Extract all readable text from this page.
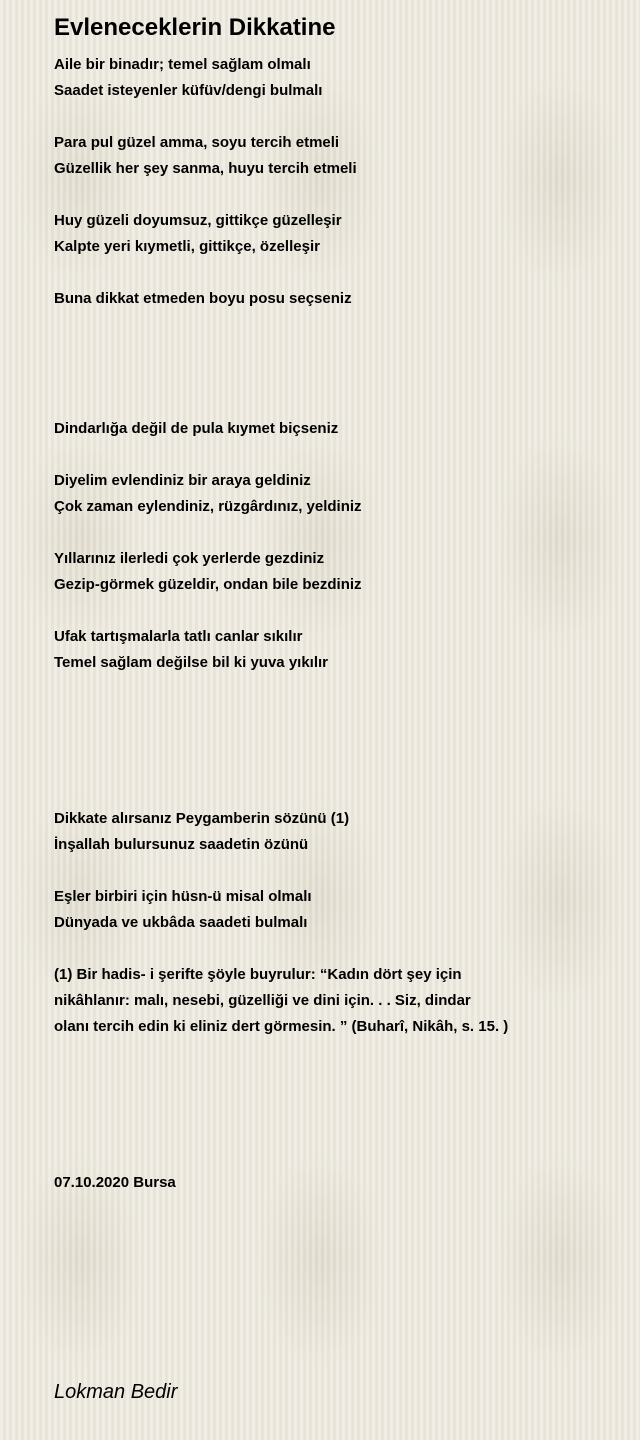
Evleneceklerin Dikkatine
Aile bir binadır; temel sağlam olmalı
Saadet isteyenler küfüv/dengi bulmalı
Para pul güzel amma, soyu tercih etmeli
Güzellik her şey sanma, huyu tercih etmeli
Huy güzeli doyumsuz, gittikçe güzelleşir
Kalpte yeri kıymetli, gittikçe, özelleşir
Buna dikkat etmeden boyu posu seçseniz
Dindarlığa değil de pula kıymet biçseniz
Diyelim evlendiniz bir araya geldiniz
Çok zaman eylendiniz, rüzgârdınız, yeldiniz
Yıllarınız ilerledi çok yerlerde gezdiniz
Gezip-görmek güzeldir, ondan bile bezdiniz
Ufak tartışmalarla tatlı canlar sıkılır
Temel sağlam değilse bil ki yuva yıkılır
Dikkate alırsanız Peygamberin sözünü (1)
İnşallah bulursunuz saadetin özünü
Eşler birbiri için hüsn-ü misal olmalı
Dünyada ve ukbâda saadeti bulmalı
(1) Bir hadis- i şerifte şöyle buyrulur: “Kadın dört şey için
nikâhlanır: malı, nesebi, güzelliği ve dini için. . . Siz, dindar
olanı tercih edin ki eliniz dert görmesin. ” (Buharî, Nikâh, s. 15. )
07.10.2020 Bursa
Lokman Bedir
